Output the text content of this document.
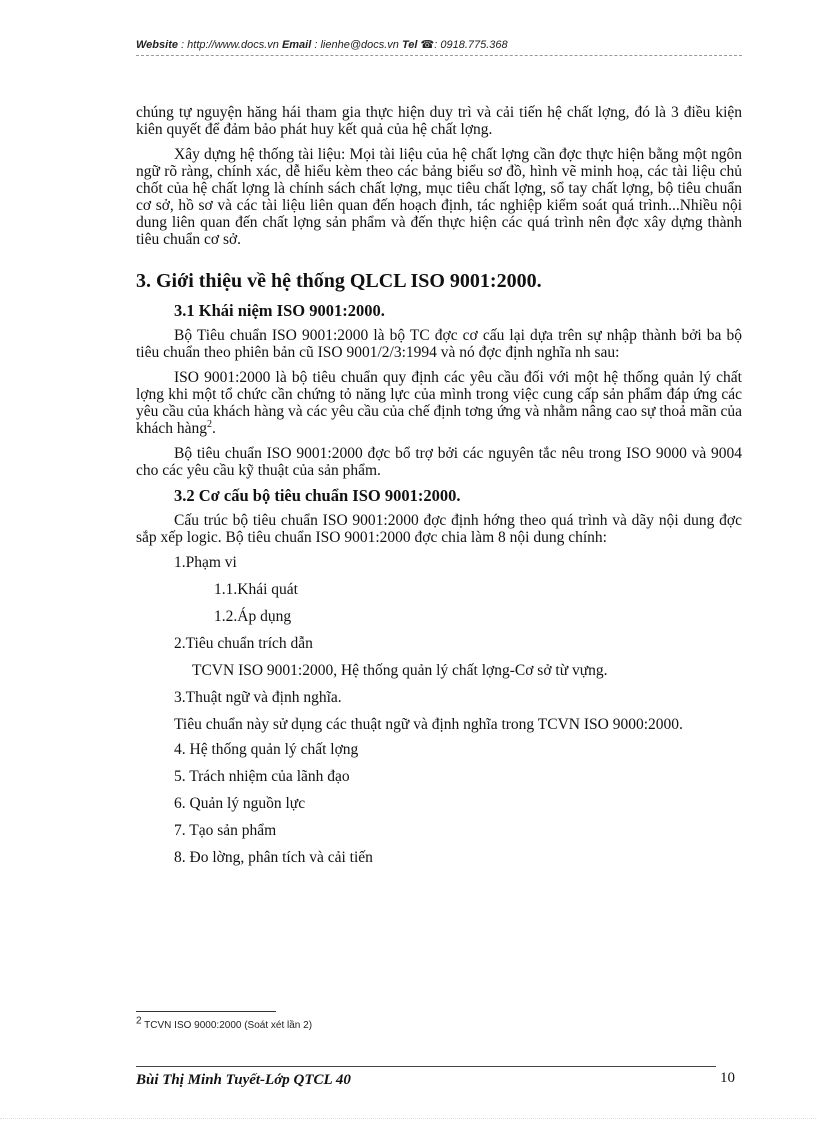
Website : http://www.docs.vn Email : lienhe@docs.vn Tel ☎: 0918.775.368

chúng tự nguyện hăng hái tham gia thực hiện duy trì và cải tiến hệ chất lợng, đó là 3 điều kiện kiên quyết để đảm bảo phát huy kết quả của hệ chất lợng.

Xây dựng hệ thống tài liệu: Mọi tài liệu của hệ chất lợng cần đợc thực hiện bằng một ngôn ngữ rõ ràng, chính xác, dễ hiểu kèm theo các bảng biểu sơ đồ, hình vẽ minh hoạ, các tài liệu chủ chốt của hệ chất lợng là chính sách chất lợng, mục tiêu chất lợng, sổ tay chất lợng, bộ tiêu chuẩn cơ sở, hồ sơ và các tài liệu liên quan đến hoạch định, tác nghiệp kiểm soát quá trình...Nhiều nội dung liên quan đến chất lợng sản phẩm và đến thực hiện các quá trình nên đợc xây dựng thành tiêu chuẩn cơ sở.

3. Giới thiệu về hệ thống QLCL ISO 9001:2000.
3.1 Khái niệm ISO 9001:2000.

Bộ Tiêu chuẩn ISO 9001:2000 là bộ TC đợc cơ cấu lại dựa trên sự nhập thành bởi ba bộ tiêu chuẩn theo phiên bản cũ ISO 9001/2/3:1994 và nó đợc định nghĩa nh sau:

ISO 9001:2000 là bộ tiêu chuẩn quy định các yêu cầu đối với một hệ thống quản lý chất lợng khi một tổ chức cần chứng tỏ năng lực của mình trong việc cung cấp sản phẩm đáp ứng các yêu cầu của khách hàng và các yêu cầu của chế định tơng ứng và nhằm nâng cao sự thoả mãn của khách hàng$^2$.

Bộ tiêu chuẩn ISO 9001:2000 đợc bổ trợ bởi các nguyên tắc nêu trong ISO 9000 và 9004 cho các yêu cầu kỹ thuật của sản phẩm.

3.2 Cơ cấu bộ tiêu chuẩn ISO 9001:2000.

Cấu trúc bộ tiêu chuẩn ISO 9001:2000 đợc định hớng theo quá trình và dãy nội dung đợc sắp xếp logic. Bộ tiêu chuẩn ISO 9001:2000 đợc chia làm 8 nội dung chính:

1.Phạm vi
1.1.Khái quát
1.2.Áp dụng
2.Tiêu chuẩn trích dẫn
TCVN ISO 9001:2000, Hệ thống quản lý chất lợng-Cơ sở từ vựng.
3.Thuật ngữ và định nghĩa.

Tiêu chuẩn này sử dụng các thuật ngữ và định nghĩa trong TCVN ISO 9000:2000.

4. Hệ thống quản lý chất lợng
5. Trách nhiệm của lãnh đạo
6. Quản lý nguồn lực
7. Tạo sản phẩm
8. Đo lờng, phân tích và cải tiến
$^2$ TCVN ISO 9000:2000 (Soát xét lần 2)
Bùi Thị Minh Tuyết-Lớp QTCL 40	10
